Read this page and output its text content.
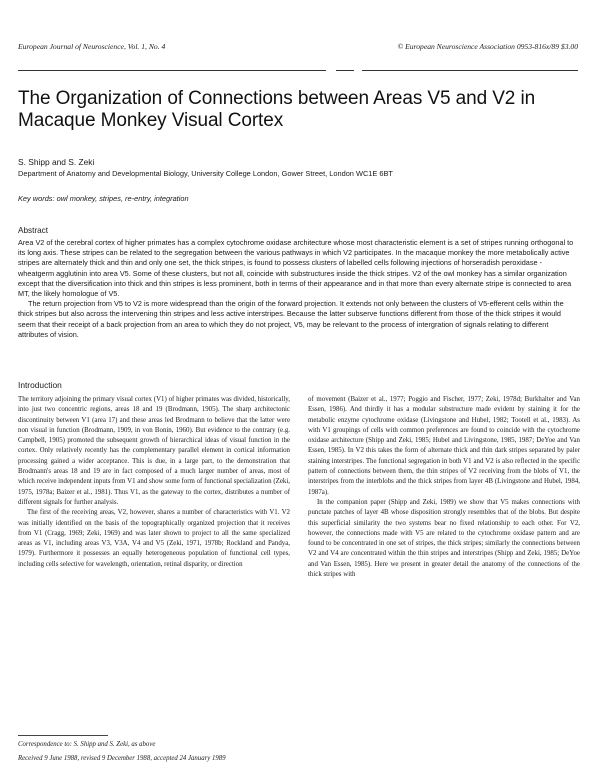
European Journal of Neuroscience, Vol. 1, No. 4	© European Neuroscience Association 0953-816x/89 $3.00
The Organization of Connections between Areas V5 and V2 in Macaque Monkey Visual Cortex
S. Shipp and S. Zeki
Department of Anatomy and Developmental Biology, University College London, Gower Street, London WC1E 6BT
Key words: owl monkey, stripes, re-entry, integration
Abstract

Area V2 of the cerebral cortex of higher primates has a complex cytochrome oxidase architecture whose most characteristic element is a set of stripes running orthogonal to its long axis. These stripes can be related to the segregation between the various pathways in which V2 participates. In the macaque monkey the more metabolically active stripes are alternately thick and thin and only one set, the thick stripes, is found to possess clusters of labelled cells following injections of horseradish peroxidase - wheatgerm agglutinin into area V5. Some of these clusters, but not all, coincide with substructures inside the thick stripes. V2 of the owl monkey has a similar organization except that the diversification into thick and thin stripes is less prominent, both in terms of their appearance and in that more than every alternate stripe is connected to area MT, the likely homologue of V5.

The return projection from V5 to V2 is more widespread than the origin of the forward projection. It extends not only between the clusters of V5-efferent cells within the thick stripes but also across the intervening thin stripes and less active interstripes. Because the latter subserve functions different from those of the thick stripes it would seem that their receipt of a back projection from an area to which they do not project, V5, may be relevant to the process of intergration of signals relating to different attributes of vision.

Introduction

The territory adjoining the primary visual cortex (V1) of higher primates was divided, historically, into just two concentric regions, areas 18 and 19 (Brodmann, 1905). The sharp architectonic discontinuity between V1 (area 17) and these areas led Brodmann to believe that the latter were non visual in function (Brodmann, 1909, in von Bonin, 1960). But evidence to the contrary (e.g. Campbell, 1905) promoted the subsequent growth of hierarchical ideas of visual function in the cortex. Only relatively recently has the complementary parallel element in cortical information processing gained a wider acceptance. This is due, in a large part, to the demonstration that Brodmann's areas 18 and 19 are in fact composed of a much larger number of areas, most of which receive independent inputs from V1 and show some form of functional specialization (Zeki, 1975, 1978a; Baizer et al., 1981). Thus V1, as the gateway to the cortex, distributes a number of different signals for further analysis.

The first of the receiving areas, V2, however, shares a number of characteristics with V1. V2 was initially identified on the basis of the topographically organized projection that it receives from V1 (Cragg, 1969; Zeki, 1969) and was later shown to project to all the same specialized areas as V1, including areas V3, V3A, V4 and V5 (Zeki, 1971, 1978b; Rockland and Pandya, 1979). Furthermore it possesses an equally heterogeneous population of functional cell types, including cells selective for wavelength, orientation, retinal disparity, or direction

of movement (Baizer et al., 1977; Poggio and Fischer, 1977; Zeki, 1978d; Burkhalter and Van Essen, 1986). And thirdly it has a modular substructure made evident by staining it for the metabolic enzyme cytochrome oxidase (Livingstone and Hubel, 1982; Tootell et al., 1983). As with V1 groupings of cells with common preferences are found to coincide with the cytochrome oxidase architecture (Shipp and Zeki, 1985; Hubel and Livingstone, 1985, 1987; DeYoe and Van Essen, 1985). In V2 this takes the form of alternate thick and thin dark stripes separated by paler staining interstripes. The functional segregation in both V1 and V2 is also reflected in the specific pattern of connections between them, the thin stripes of V2 receiving from the blobs of V1, the interstripes from the interblobs and the thick stripes from layer 4B (Livingstone and Hubel, 1984, 1987a).

In the companion paper (Shipp and Zeki, 1989) we show that V5 makes connections with punctate patches of layer 4B whose disposition strongly resembles that of the blobs. But despite this superficial similarity the two systems bear no fixed relationship to each other. For V2, however, the connections made with V5 are related to the cytochrome oxidase pattern and are found to be concentrated in one set of stripes, the thick stripes; similarly the connections between V2 and V4 are concentrated within the thin stripes and interstripes (Shipp and Zeki, 1985; DeYoe and Van Essen, 1985). Here we present in greater detail the anatomy of the connections of the thick stripes with

Correspondence to: S. Shipp and S. Zeki, as above
Received 9 June 1988, revised 9 December 1988, accepted 24 January 1989
